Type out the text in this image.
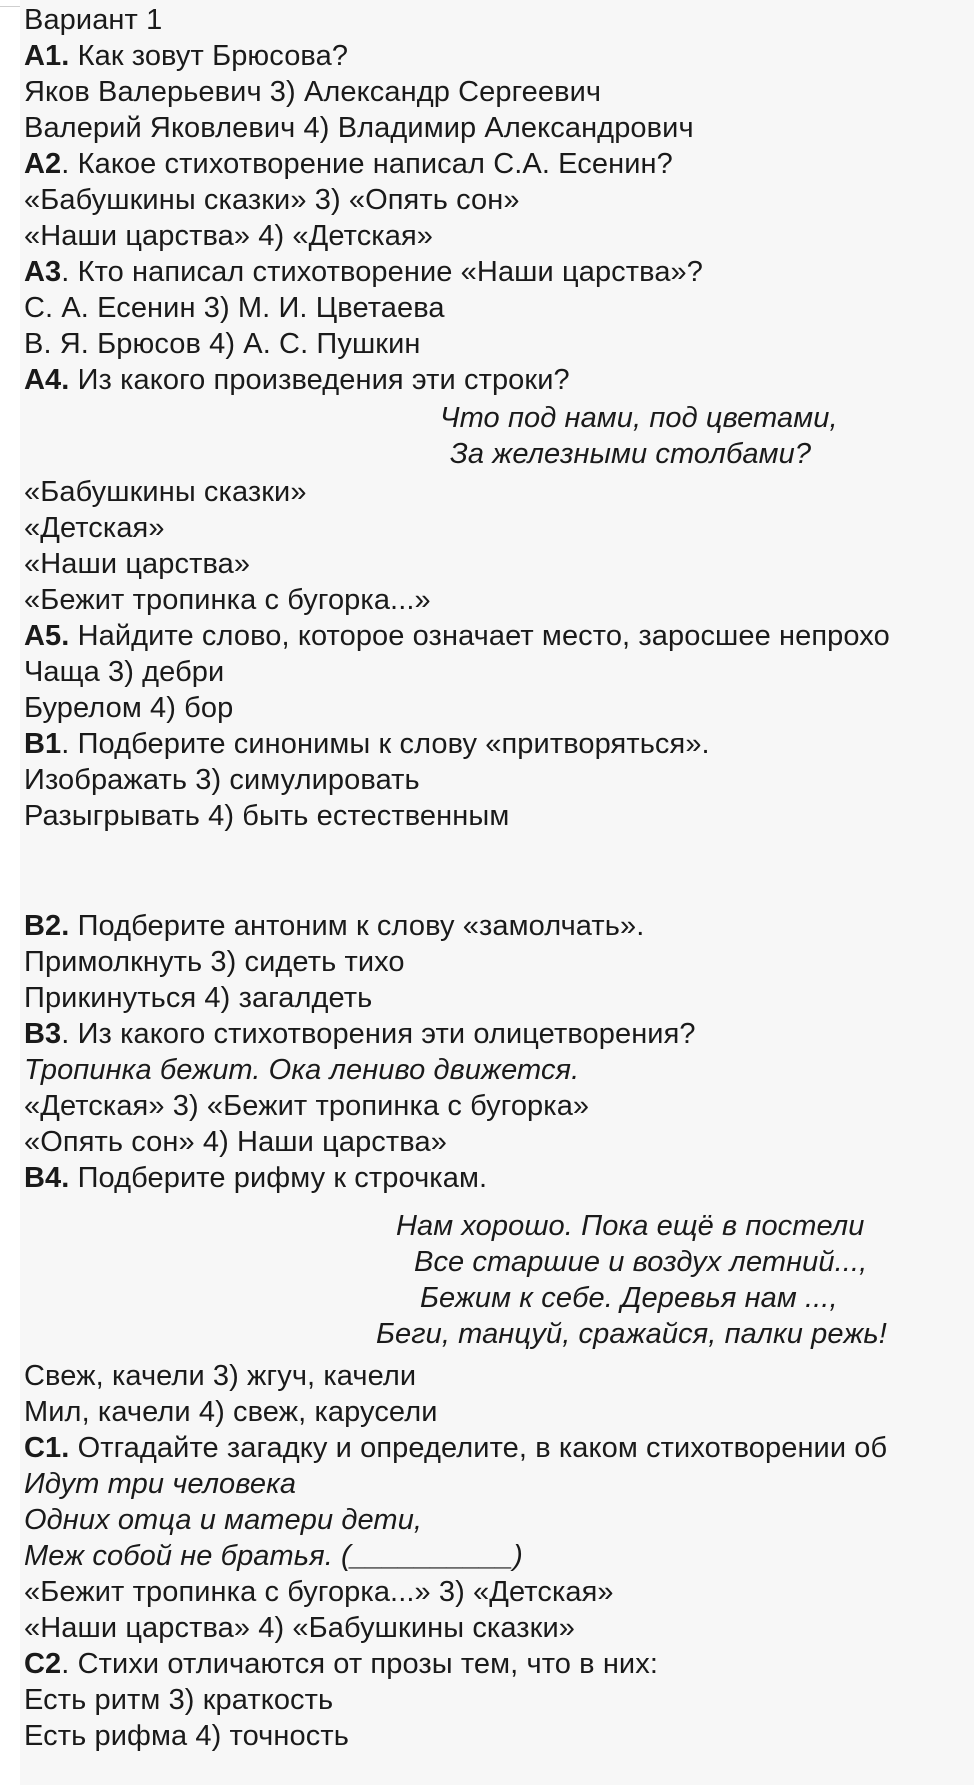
Вариант 1
А1. Как зовут Брюсова?
Яков Валерьевич 3) Александр Сергеевич
Валерий Яковлевич 4) Владимир Александрович
А2. Какое стихотворение написал С.А. Есенин?
«Бабушкины сказки» 3) «Опять сон»
«Наши царства» 4) «Детская»
А3. Кто написал стихотворение «Наши царства»?
С. А. Есенин 3) М. И. Цветаева
В. Я. Брюсов 4) А. С. Пушкин
А4. Из какого произведения эти строки?
Что под нами, под цветами,
За железными столбами?
«Бабушкины сказки»
«Детская»
«Наши царства»
«Бежит тропинка с бугорка...»
А5. Найдите слово, которое означает место, заросшее непрохо
Чаща 3) дебри
Бурелом 4) бор
В1. Подберите синонимы к слову «притворяться».
Изображать 3) симулировать
Разыгрывать 4) быть естественным
В2. Подберите антоним к слову «замолчать».
Примолкнуть 3) сидеть тихо
Прикинуться 4) загалдеть
В3. Из какого стихотворения эти олицетворения?
Тропинка бежит. Ока лениво движется.
«Детская» 3) «Бежит тропинка с бугорка»
«Опять сон» 4) Наши царства»
В4. Подберите рифму к строчкам.
Нам хорошо. Пока ещё в постели
Все старшие и воздух летний...,
Бежим к себе. Деревья нам ...,
Беги, танцуй, сражайся, палки режь!
Свеж, качели 3) жгуч, качели
Мил, качели 4) свеж, карусели
С1. Отгадайте загадку и определите, в каком стихотворении об
Идут три человека
Одних отца и матери дети,
Меж собой не братья. (__________)
«Бежит тропинка с бугорка...» 3) «Детская»
«Наши царства» 4) «Бабушкины сказки»
С2. Стихи отличаются от прозы тем, что в них:
Есть ритм 3) краткость
Есть рифма 4) точность
